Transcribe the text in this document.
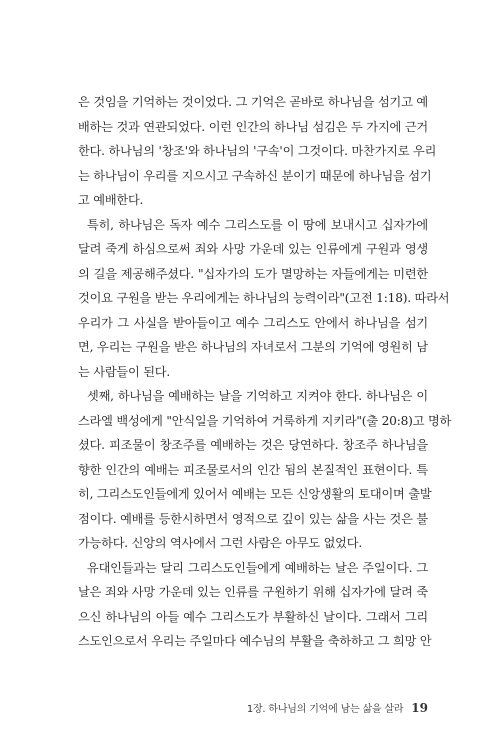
은 것임을 기억하는 것이었다. 그 기억은 곧바로 하나님을 섬기고 예
배하는 것과 연관되었다. 이런 인간의 하나님 섬김은 두 가지에 근거
한다. 하나님의 '창조'와 하나님의 '구속'이 그것이다. 마찬가지로 우리
는 하나님이 우리를 지으시고 구속하신 분이기 때문에 하나님을 섬기
고 예배한다.

특히, 하나님은 독자 예수 그리스도를 이 땅에 보내시고 십자가에
달려 죽게 하심으로써 죄와 사망 가운데 있는 인류에게 구원과 영생
의 길을 제공해주셨다. "십자가의 도가 멸망하는 자들에게는 미련한
것이요 구원을 받는 우리에게는 하나님의 능력이라"(고전 1:18). 따라서
우리가 그 사실을 받아들이고 예수 그리스도 안에서 하나님을 섬기
면, 우리는 구원을 받은 하나님의 자녀로서 그분의 기억에 영원히 남
는 사람들이 된다.

셋째, 하나님을 예배하는 날을 기억하고 지켜야 한다. 하나님은 이
스라엘 백성에게 "안식일을 기억하여 거룩하게 지키라"(출 20:8)고 명하
셨다. 피조물이 창조주를 예배하는 것은 당연하다. 창조주 하나님을
향한 인간의 예배는 피조물로서의 인간 됨의 본질적인 표현이다. 특
히, 그리스도인들에게 있어서 예배는 모든 신앙생활의 토대이며 출발
점이다. 예배를 등한시하면서 영적으로 깊이 있는 삶을 사는 것은 불
가능하다. 신앙의 역사에서 그런 사람은 아무도 없었다.

유대인들과는 달리 그리스도인들에게 예배하는 날은 주일이다. 그
날은 죄와 사망 가운데 있는 인류를 구원하기 위해 십자가에 달려 죽
으신 하나님의 아들 예수 그리스도가 부활하신 날이다. 그래서 그리
스도인으로서 우리는 주일마다 예수님의 부활을 축하하고 그 희망 안

1장. 하나님의 기억에 남는 삶을 살라 19
